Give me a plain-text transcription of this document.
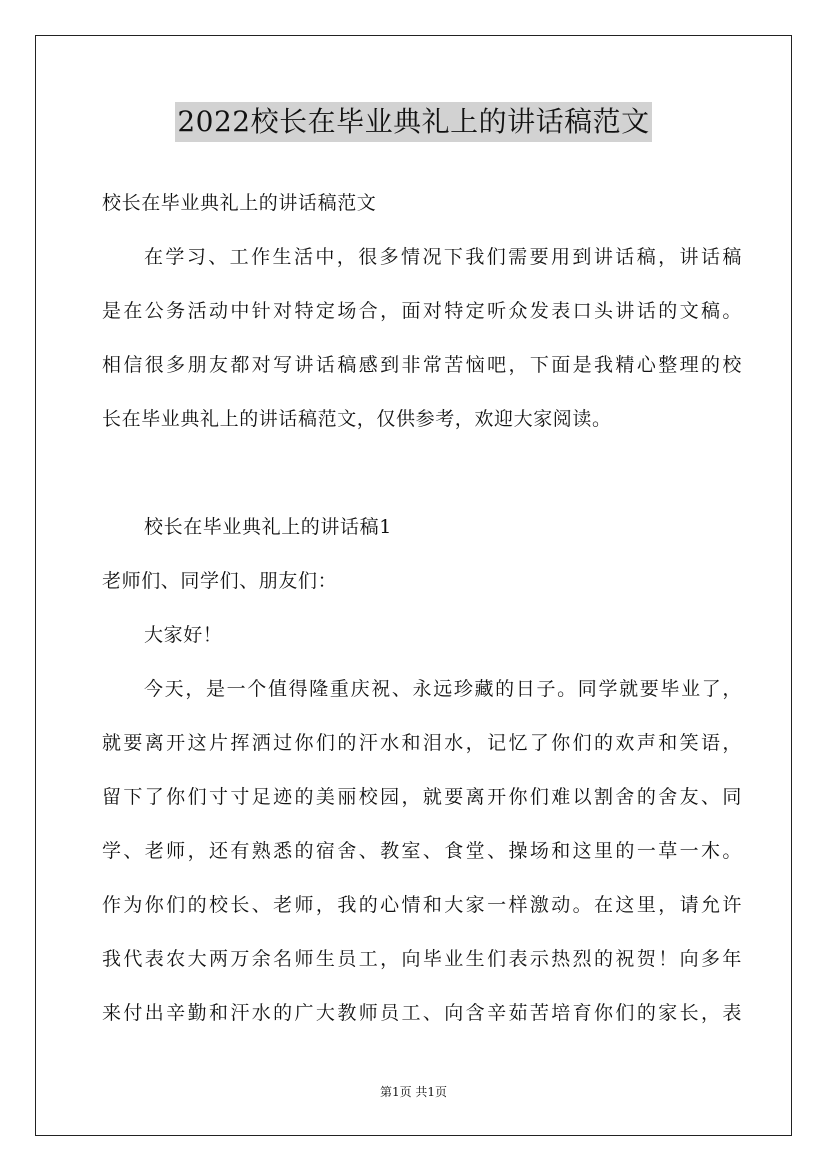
2022校长在毕业典礼上的讲话稿范文
校长在毕业典礼上的讲话稿范文
在学习、工作生活中，很多情况下我们需要用到讲话稿，讲话稿
是在公务活动中针对特定场合，面对特定听众发表口头讲话的文稿。
相信很多朋友都对写讲话稿感到非常苦恼吧，下面是我精心整理的校
长在毕业典礼上的讲话稿范文，仅供参考，欢迎大家阅读。
校长在毕业典礼上的讲话稿1
老师们、同学们、朋友们：
大家好！
今天，是一个值得隆重庆祝、永远珍藏的日子。同学就要毕业了，
就要离开这片挥洒过你们的汗水和泪水，记忆了你们的欢声和笑语，
留下了你们寸寸足迹的美丽校园，就要离开你们难以割舍的舍友、同
学、老师，还有熟悉的宿舍、教室、食堂、操场和这里的一草一木。
作为你们的校长、老师，我的心情和大家一样激动。在这里，请允许
我代表农大两万余名师生员工，向毕业生们表示热烈的祝贺！向多年
来付出辛勤和汗水的广大教师员工、向含辛茹苦培育你们的家长，表
第1页 共1页
